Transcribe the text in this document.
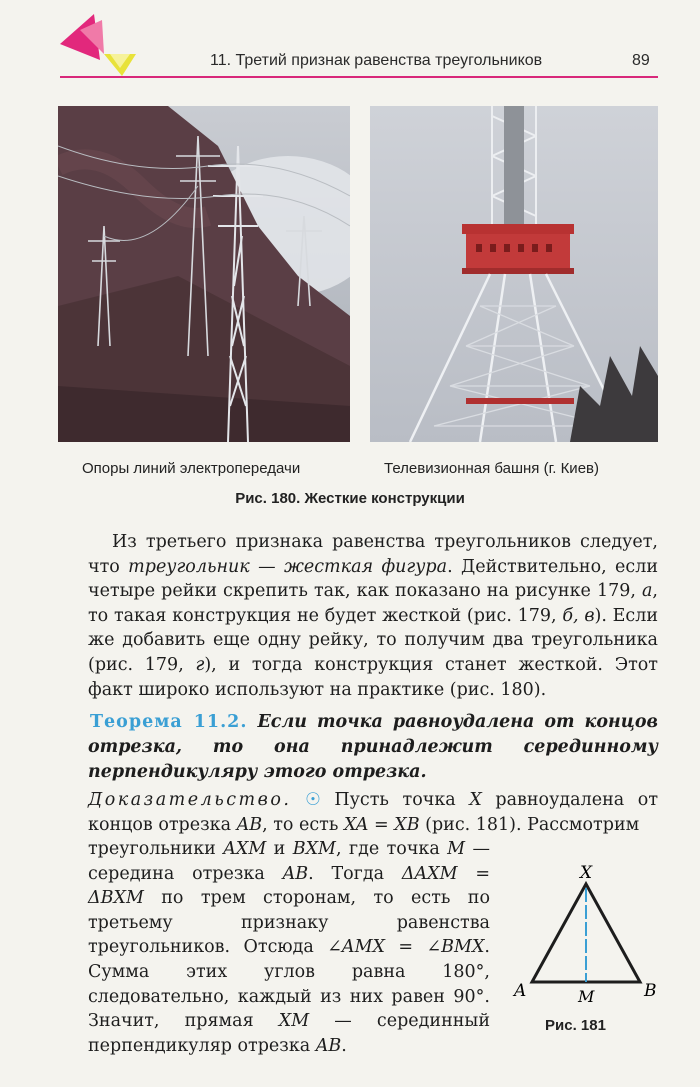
11. Третий признак равенства треугольников	89
Опоры линий электропередачи	Телевизионная башня (г. Киев)
Рис. 180. Жесткие конструкции

Из третьего признака равенства треугольников следует, что треугольник — жесткая фигура. Действительно, если четыре рейки скрепить так, как показано на рисунке 179, а, то такая конструкция не будет жесткой (рис. 179, б, в). Если же добавить еще одну рейку, то получим два треугольника (рис. 179, г), и тогда конструкция станет жесткой. Этот факт широко используют на практике (рис. 180).

Теорема 11.2. Если точка равноудалена от концов отрезка, то она принадлежит серединному перпендикуляру этого отрезка.

Доказательство. ☉ Пусть точка X равноудалена от концов отрезка AB, то есть XA = XB (рис. 181). Рассмотрим

треугольники AXM и BXM, где точка M — середина отрезка AB. Тогда ΔAXM = ΔBXM по трем сторонам, то есть по третьему признаку равенства треугольников. Отсюда ∠AMX = ∠BMX. Сумма этих углов равна 180°, следовательно, каждый из них равен 90°. Значит, прямая XM — серединный перпендикуляр отрезка AB.

X
A	M	B
Рис. 181
